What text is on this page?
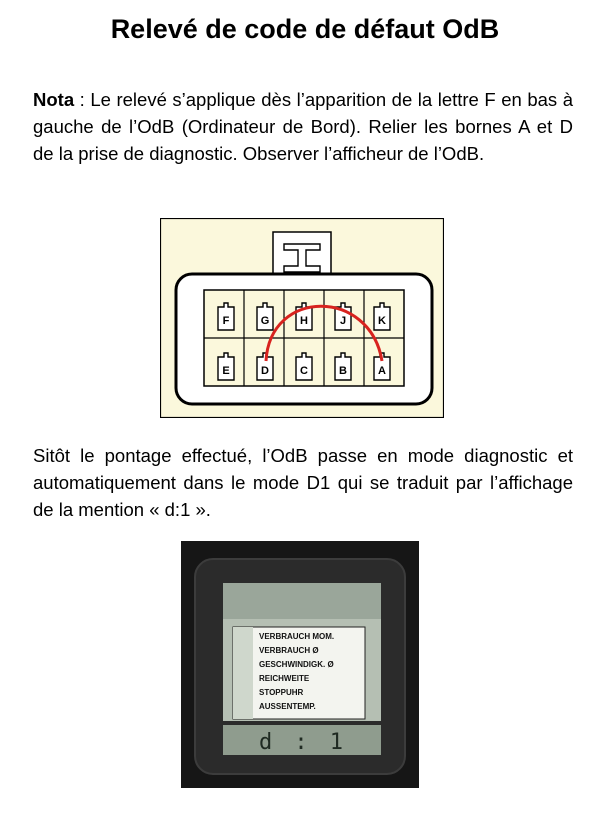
Relevé de code de défaut OdB

Nota : Le relevé s’applique dès l’apparition de la lettre F en bas à gauche de l’OdB (Ordinateur de Bord). Relier les bornes A et D de la prise de diagnostic. Observer l’afficheur de l’OdB.

F	G	H	J	K
E	D	C	B	A

Sitôt le pontage effectué, l’OdB passe en mode diagnostic et automatiquement dans le mode D1 qui se traduit par l’affichage de la mention « d:1 ».

VERBRAUCH MOM.
VERBRAUCH Ø
GESCHWINDIGK. Ø
REICHWEITE
STOPPUHR
AUSSENTEMP.
d:1
